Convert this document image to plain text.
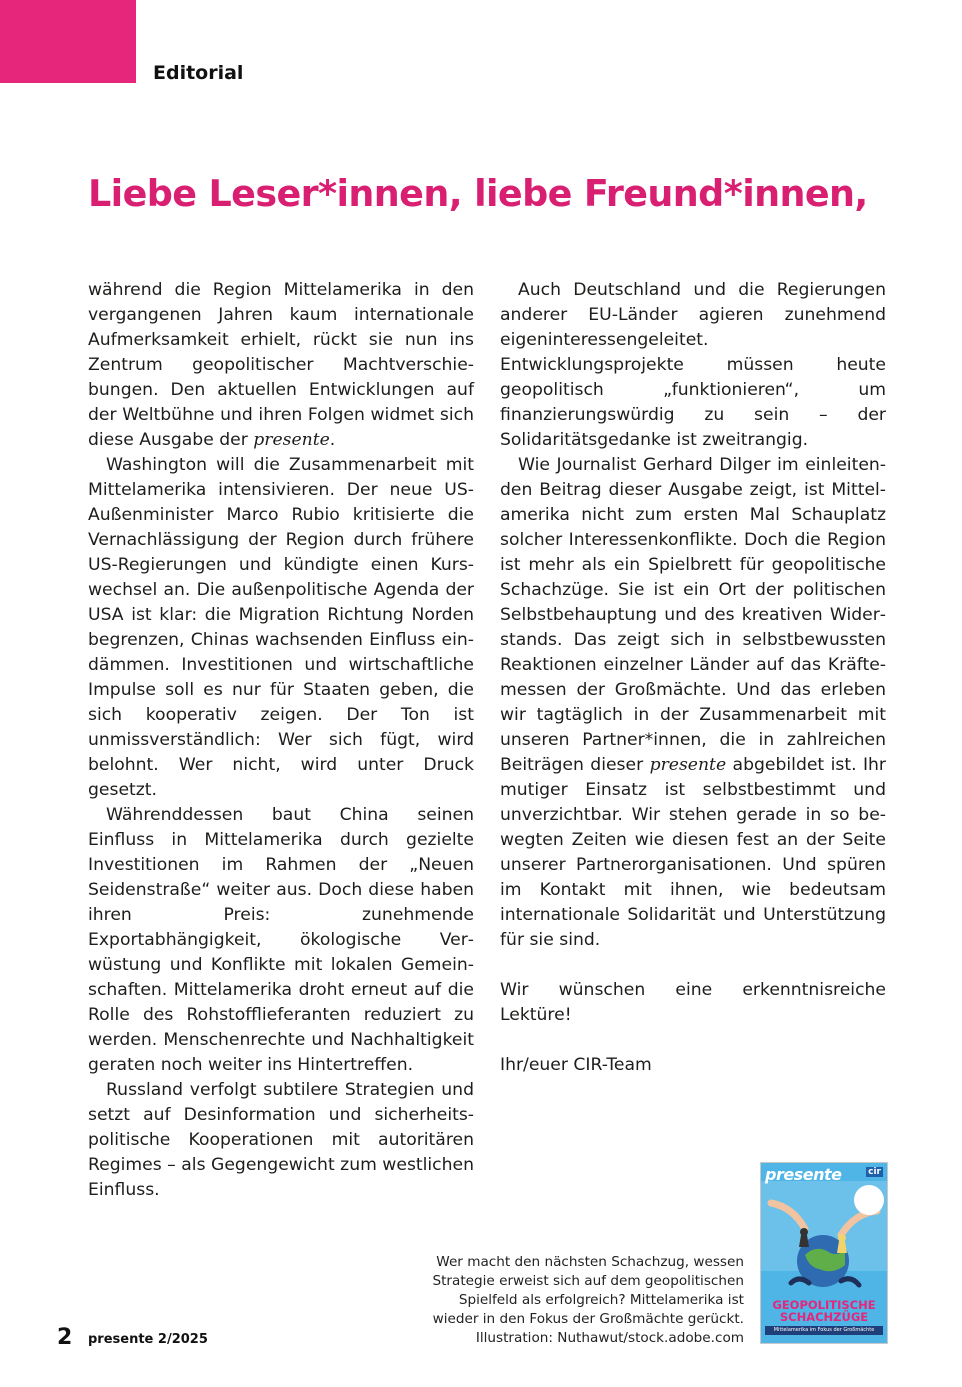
Editorial
Liebe Leser*innen, liebe Freund*innen,

während die Region Mittelamerika in den vergangenen Jahren kaum internationale Aufmerksamkeit erhielt, rückt sie nun ins Zentrum geopolitischer Machtverschiebungen. Den aktuellen Entwicklungen auf der Weltbühne und ihren Folgen widmet sich diese Ausgabe der presente.

Washington will die Zusammenarbeit mit Mittelamerika intensivieren. Der neue US-Außenminister Marco Rubio kritisierte die Vernachlässigung der Region durch frühere US-Regierungen und kündigte einen Kurswechsel an. Die außenpolitische Agenda der USA ist klar: die Migration Richtung Norden begrenzen, Chinas wachsenden Einfluss eindämmen. Investitionen und wirtschaftliche Impulse soll es nur für Staaten geben, die sich kooperativ zeigen. Der Ton ist unmissverständlich: Wer sich fügt, wird belohnt. Wer nicht, wird unter Druck gesetzt.

Währenddessen baut China seinen Einfluss in Mittelamerika durch gezielte Investitionen im Rahmen der „Neuen Seidenstraße“ weiter aus. Doch diese haben ihren Preis: zunehmende Exportabhängigkeit, ökologische Verwüstung und Konflikte mit lokalen Gemeinschaften. Mittelamerika droht erneut auf die Rolle des Rohstofflieferanten reduziert zu werden. Menschenrechte und Nachhaltigkeit geraten noch weiter ins Hintertreffen.

Russland verfolgt subtilere Strategien und setzt auf Desinformation und sicherheitspolitische Kooperationen mit autoritären Regimes – als Gegengewicht zum westlichen Einfluss.

Auch Deutschland und die Regierungen anderer EU-Länder agieren zunehmend eigeninteressengeleitet. Entwicklungsprojekte müssen heute geopolitisch „funktionieren“, um finanzierungswürdig zu sein – der Solidaritätsgedanke ist zweitrangig.

Wie Journalist Gerhard Dilger im einleitenden Beitrag dieser Ausgabe zeigt, ist Mittelamerika nicht zum ersten Mal Schauplatz solcher Interessenkonflikte. Doch die Region ist mehr als ein Spielbrett für geopolitische Schachzüge. Sie ist ein Ort der politischen Selbstbehauptung und des kreativen Widerstands. Das zeigt sich in selbstbewussten Reaktionen einzelner Länder auf das Kräftemessen der Großmächte. Und das erleben wir tagtäglich in der Zusammenarbeit mit unseren Partner*innen, die in zahlreichen Beiträgen dieser presente abgebildet ist. Ihr mutiger Einsatz ist selbstbestimmt und unverzichtbar. Wir stehen gerade in so bewegten Zeiten wie diesen fest an der Seite unserer Partnerorganisationen. Und spüren im Kontakt mit ihnen, wie bedeutsam internationale Solidarität und Unterstützung für sie sind.

Wir wünschen eine erkenntnisreiche Lektüre!

Ihr/euer CIR-Team

Wer macht den nächsten Schachzug, wessen Strategie erweist sich auf dem geopolitischen Spielfeld als erfolgreich? Mittelamerika ist wieder in den Fokus der Großmächte gerückt. Illustration: Nuthawut/stock.adobe.com
presente	cir
GEOPOLITISCHE SCHACHZÜGE
Mittelamerika im Fokus der Großmächte
2 presente 2/2025
